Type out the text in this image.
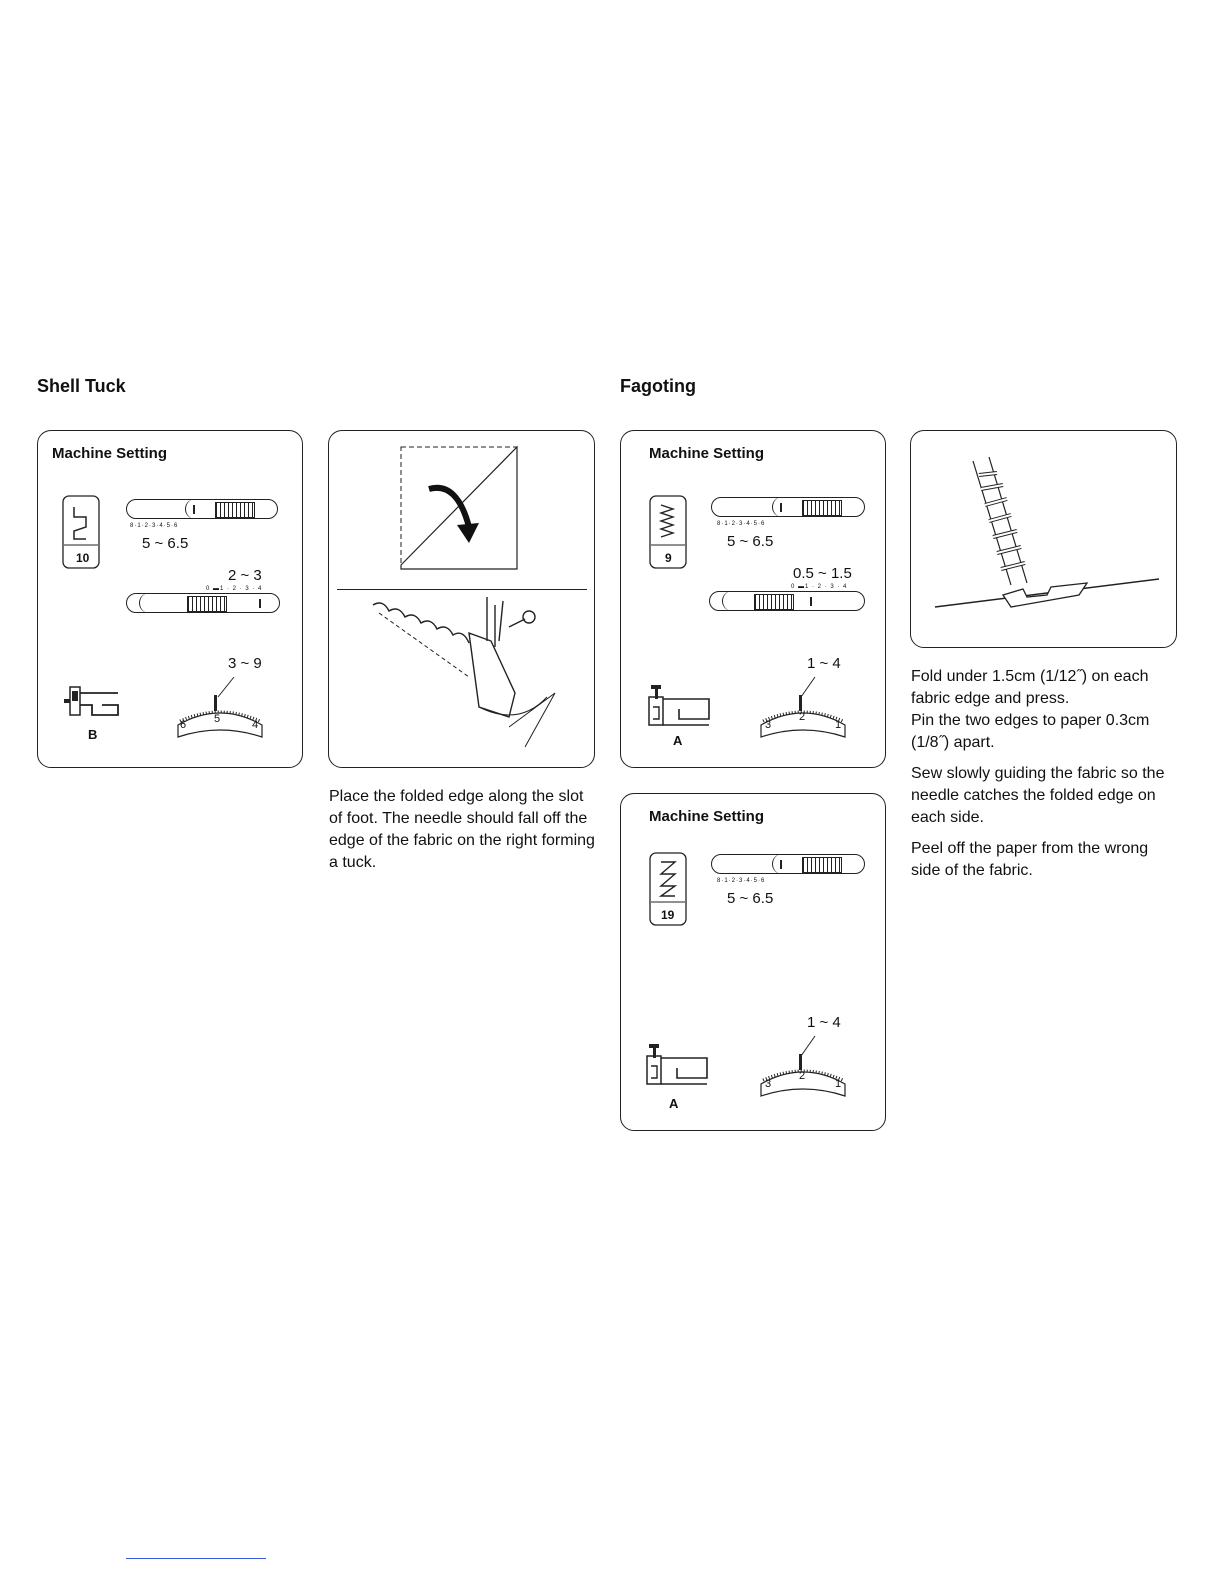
Shell Tuck
Machine Setting
10
8·1·2·3·4·5·6
5 ~ 6.5
2 ~ 3
0 ▬1 · 2 · 3 · 4
3 ~ 9
6	5	4
B
Place the folded edge along the slot of foot. The needle should fall off the edge of the fabric on the right forming a tuck.
Fagoting
Machine Setting
9
8·1·2·3·4·5·6
5 ~ 6.5
0.5 ~ 1.5
0 ▬1 · 2 · 3 · 4
1 ~ 4
3
2
1
A
Machine Setting
19
8·1·2·3·4·5·6
5 ~ 6.5
1 ~ 4
3
2
1
A
Fold under 1.5cm (1/12˝) on each fabric edge and press.
Pin the two edges to paper 0.3cm (1/8˝) apart.
Sew slowly guiding the fabric so the needle catches the folded edge on each side.
Peel off the paper from the wrong side of the fabric.
